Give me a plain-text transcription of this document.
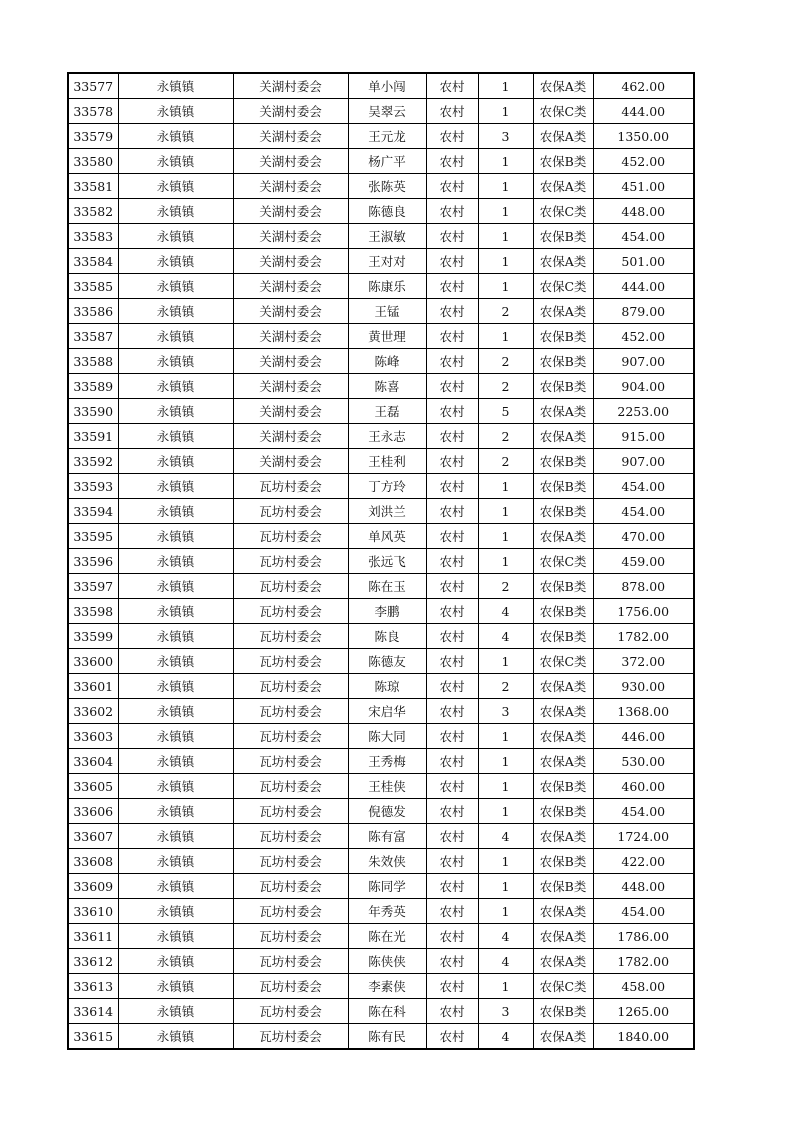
33577	永镇镇	关湖村委会	单小闯	农村	1	农保A类	462.00
33578	永镇镇	关湖村委会	吴翠云	农村	1	农保C类	444.00
33579	永镇镇	关湖村委会	王元龙	农村	3	农保A类	1350.00
33580	永镇镇	关湖村委会	杨广平	农村	1	农保B类	452.00
33581	永镇镇	关湖村委会	张陈英	农村	1	农保A类	451.00
33582	永镇镇	关湖村委会	陈德良	农村	1	农保C类	448.00
33583	永镇镇	关湖村委会	王淑敏	农村	1	农保B类	454.00
33584	永镇镇	关湖村委会	王对对	农村	1	农保A类	501.00
33585	永镇镇	关湖村委会	陈康乐	农村	1	农保C类	444.00
33586	永镇镇	关湖村委会	王锰	农村	2	农保A类	879.00
33587	永镇镇	关湖村委会	黄世理	农村	1	农保B类	452.00
33588	永镇镇	关湖村委会	陈峰	农村	2	农保B类	907.00
33589	永镇镇	关湖村委会	陈喜	农村	2	农保B类	904.00
33590	永镇镇	关湖村委会	王磊	农村	5	农保A类	2253.00
33591	永镇镇	关湖村委会	王永志	农村	2	农保A类	915.00
33592	永镇镇	关湖村委会	王桂利	农村	2	农保B类	907.00
33593	永镇镇	瓦坊村委会	丁方玲	农村	1	农保B类	454.00
33594	永镇镇	瓦坊村委会	刘洪兰	农村	1	农保B类	454.00
33595	永镇镇	瓦坊村委会	单风英	农村	1	农保A类	470.00
33596	永镇镇	瓦坊村委会	张远飞	农村	1	农保C类	459.00
33597	永镇镇	瓦坊村委会	陈在玉	农村	2	农保B类	878.00
33598	永镇镇	瓦坊村委会	李鹏	农村	4	农保B类	1756.00
33599	永镇镇	瓦坊村委会	陈良	农村	4	农保B类	1782.00
33600	永镇镇	瓦坊村委会	陈德友	农村	1	农保C类	372.00
33601	永镇镇	瓦坊村委会	陈琼	农村	2	农保A类	930.00
33602	永镇镇	瓦坊村委会	宋启华	农村	3	农保A类	1368.00
33603	永镇镇	瓦坊村委会	陈大同	农村	1	农保A类	446.00
33604	永镇镇	瓦坊村委会	王秀梅	农村	1	农保A类	530.00
33605	永镇镇	瓦坊村委会	王桂侠	农村	1	农保B类	460.00
33606	永镇镇	瓦坊村委会	倪德发	农村	1	农保B类	454.00
33607	永镇镇	瓦坊村委会	陈有富	农村	4	农保A类	1724.00
33608	永镇镇	瓦坊村委会	朱效侠	农村	1	农保B类	422.00
33609	永镇镇	瓦坊村委会	陈同学	农村	1	农保B类	448.00
33610	永镇镇	瓦坊村委会	年秀英	农村	1	农保A类	454.00
33611	永镇镇	瓦坊村委会	陈在光	农村	4	农保A类	1786.00
33612	永镇镇	瓦坊村委会	陈侠侠	农村	4	农保A类	1782.00
33613	永镇镇	瓦坊村委会	李素侠	农村	1	农保C类	458.00
33614	永镇镇	瓦坊村委会	陈在科	农村	3	农保B类	1265.00
33615	永镇镇	瓦坊村委会	陈有民	农村	4	农保A类	1840.00
